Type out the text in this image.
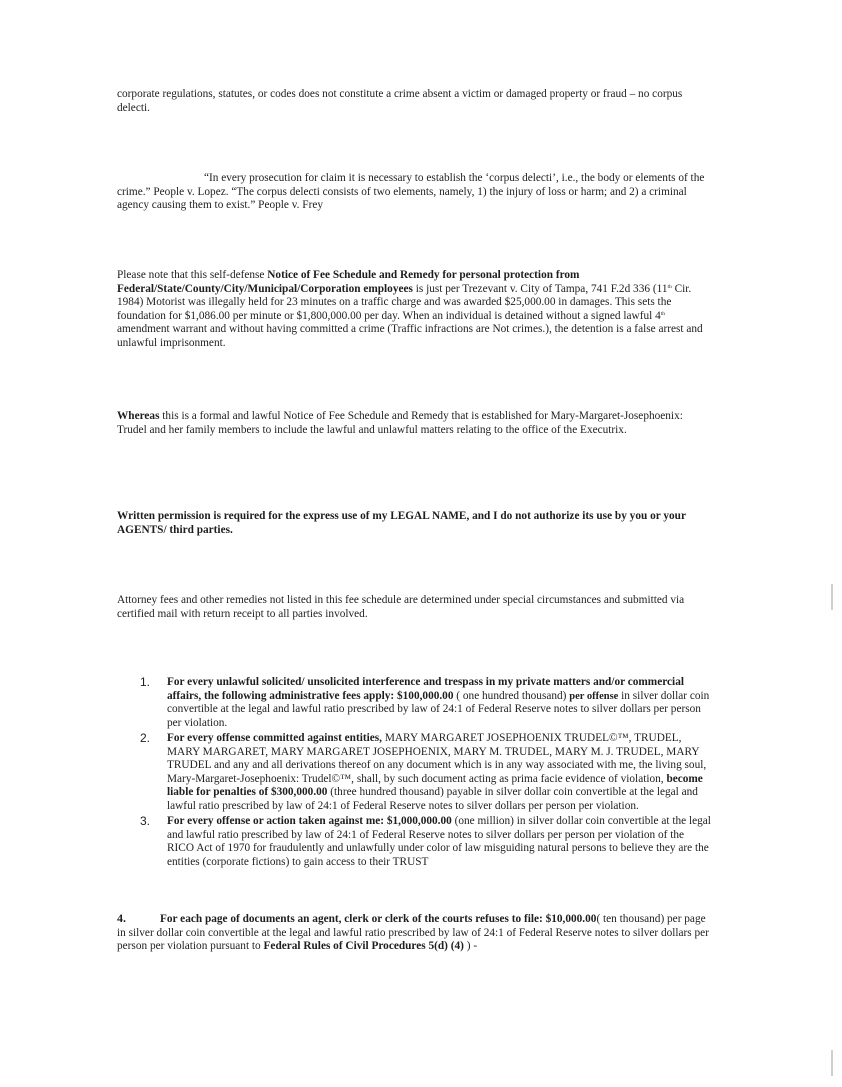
corporate regulations, statutes, or codes does not constitute a crime absent a victim or damaged property or fraud – no corpus delecti.

“In every prosecution for claim it is necessary to establish the ‘corpus delecti’, i.e., the body or elements of the crime.” People v. Lopez. “The corpus delecti consists of two elements, namely, 1) the injury of loss or harm; and 2) a criminal agency causing them to exist.” People v. Frey

Please note that this self-defense Notice of Fee Schedule and Remedy for personal protection from Federal/State/County/City/Municipal/Corporation employees is just per Trezevant v. City of Tampa, 741 F.2d 336 (11th Cir. 1984) Motorist was illegally held for 23 minutes on a traffic charge and was awarded $25,000.00 in damages. This sets the foundation for $1,086.00 per minute or $1,800,000.00 per day. When an individual is detained without a signed lawful 4th amendment warrant and without having committed a crime (Traffic infractions are Not crimes.), the detention is a false arrest and unlawful imprisonment.

Whereas this is a formal and lawful Notice of Fee Schedule and Remedy that is established for Mary-Margaret-Josephoenix: Trudel and her family members to include the lawful and unlawful matters relating to the office of the Executrix.

Written permission is required for the express use of my LEGAL NAME, and I do not authorize its use by you or your AGENTS/ third parties.

Attorney fees and other remedies not listed in this fee schedule are determined under special circumstances and submitted via certified mail with return receipt to all parties involved.

1. For every unlawful solicited/ unsolicited interference and trespass in my private matters and/or commercial affairs, the following administrative fees apply: $100,000.00 ( one hundred thousand) per offense in silver dollar coin convertible at the legal and lawful ratio prescribed by law of 24:1 of Federal Reserve notes to silver dollars per person per violation.
2. For every offense committed against entities, MARY MARGARET JOSEPHOENIX TRUDEL©™, TRUDEL, MARY MARGARET, MARY MARGARET JOSEPHOENIX, MARY M. TRUDEL, MARY M. J. TRUDEL, MARY TRUDEL and any and all derivations thereof on any document which is in any way associated with me, the living soul, Mary-Margaret-Josephoenix: Trudel©™, shall, by such document acting as prima facie evidence of violation, become liable for penalties of $300,000.00 (three hundred thousand) payable in silver dollar coin convertible at the legal and lawful ratio prescribed by law of 24:1 of Federal Reserve notes to silver dollars per person per violation.
3. For every offense or action taken against me: $1,000,000.00 (one million) in silver dollar coin convertible at the legal and lawful ratio prescribed by law of 24:1 of Federal Reserve notes to silver dollars per person per violation of the RICO Act of 1970 for fraudulently and unlawfully under color of law misguiding natural persons to believe they are the entities (corporate fictions) to gain access to their TRUST

4.	For each page of documents an agent, clerk or clerk of the courts refuses to file: $10,000.00( ten thousand) per page in silver dollar coin convertible at the legal and lawful ratio prescribed by law of 24:1 of Federal Reserve notes to silver dollars per person per violation pursuant to Federal Rules of Civil Procedures 5(d) (4) ) -
